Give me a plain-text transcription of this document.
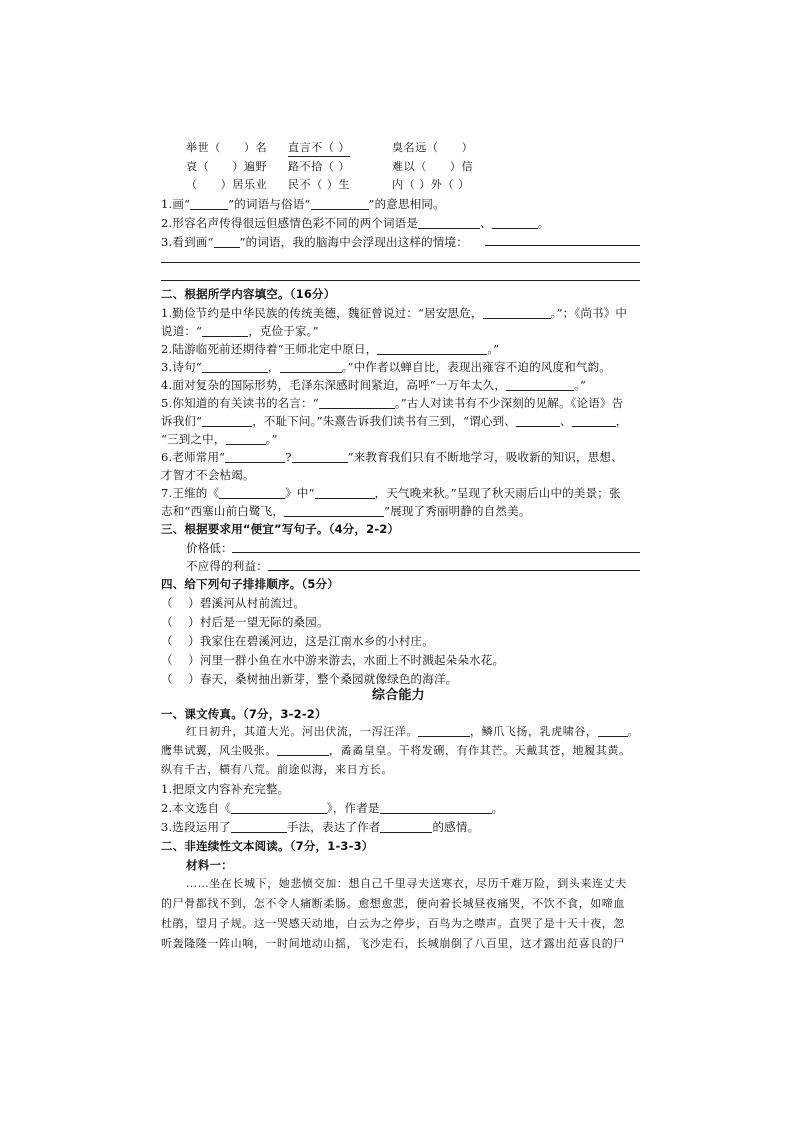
举世（　　）名 直言不（ ）	臭名远（　　）
哀（　　）遍野 路不拾（ ）	难以（　　）信
（　　）居乐业 民不（ ）生	内（ ）外（ ）
1.画“	”的词语与俗语“	”的意思相同。
2.形容名声传得很远但感情色彩不同的两个词语是	、	。
3.看到画“ ”的词语，我的脑海中会浮现出这样的情境：
二、根据所学内容填空。（16分）
1.勤俭节约是中华民族的传统美德，魏征曾说过：“居安思危，	。”；《尚书》中
说道：“	，克俭于家。”
2.陆游临死前还期待着“王师北定中原日，	。”
3.诗句“	，	。”中作者以蝉自比，表现出雍容不迫的风度和气韵。
4.面对复杂的国际形势，毛泽东深感时间紧迫，高呼“一万年太久，	。”
5.你知道的有关读书的名言：“	。”古人对读书有不少深刻的见解。《论语》告
诉我们“	，不耻下问。”朱熹告诉我们读书有三到，“谓心到、	、	，
“三到之中，	。”
6.老师常用“	?	”来教育我们只有不断地学习，吸收新的知识，思想、
才智才不会枯竭。
7.王维的《	》中“	，天气晚来秋。”呈现了秋天雨后山中的美景；张
志和“西塞山前白鹭飞，	”展现了秀丽明静的自然美。
三、根据要求用“便宜”写句子。（4分，2-2）
价格低：
不应得的利益：
四、给下列句子排排顺序。（5分）
（　 ）碧溪河从村前流过。
（　 ）村后是一望无际的桑园。
（　 ）我家住在碧溪河边，这是江南水乡的小村庄。
（　 ）河里一群小鱼在水中游来游去，水面上不时溅起朵朵水花。
（　 ）春天，桑树抽出新芽，整个桑园就像绿色的海洋。
综合能力
一、课文传真。（7分，3-2-2）
红日初升，其道大光。河出伏流，一泻汪洋。	，鳞爪飞扬，乳虎啸谷，	。
鹰隼试翼，风尘吸张。	，矞矞皇皇。干将发硎，有作其芒。天戴其苍，地履其黄。
纵有千古，横有八荒。前途似海，来日方长。
1.把原文内容补充完整。
2.本文选自《	》，作者是	。
3.选段运用了	手法，表达了作者	的感情。
二、非连续性文本阅读。（7分，1-3-3）
材料一：
……坐在长城下，她悲愤交加：想自己千里寻夫送寒衣，尽历千难万险，到头来连丈夫
的尸骨都找不到，怎不令人痛断柔肠。愈想愈悲，便向着长城昼夜痛哭，不饮不食，如啼血
杜鹃，望月子规。这一哭感天动地，白云为之停步，百鸟为之噤声。直哭了是十天十夜，忽
听轰隆隆一阵山响，一时间地动山摇，飞沙走石，长城崩倒了八百里，这才露出范喜良的尸
